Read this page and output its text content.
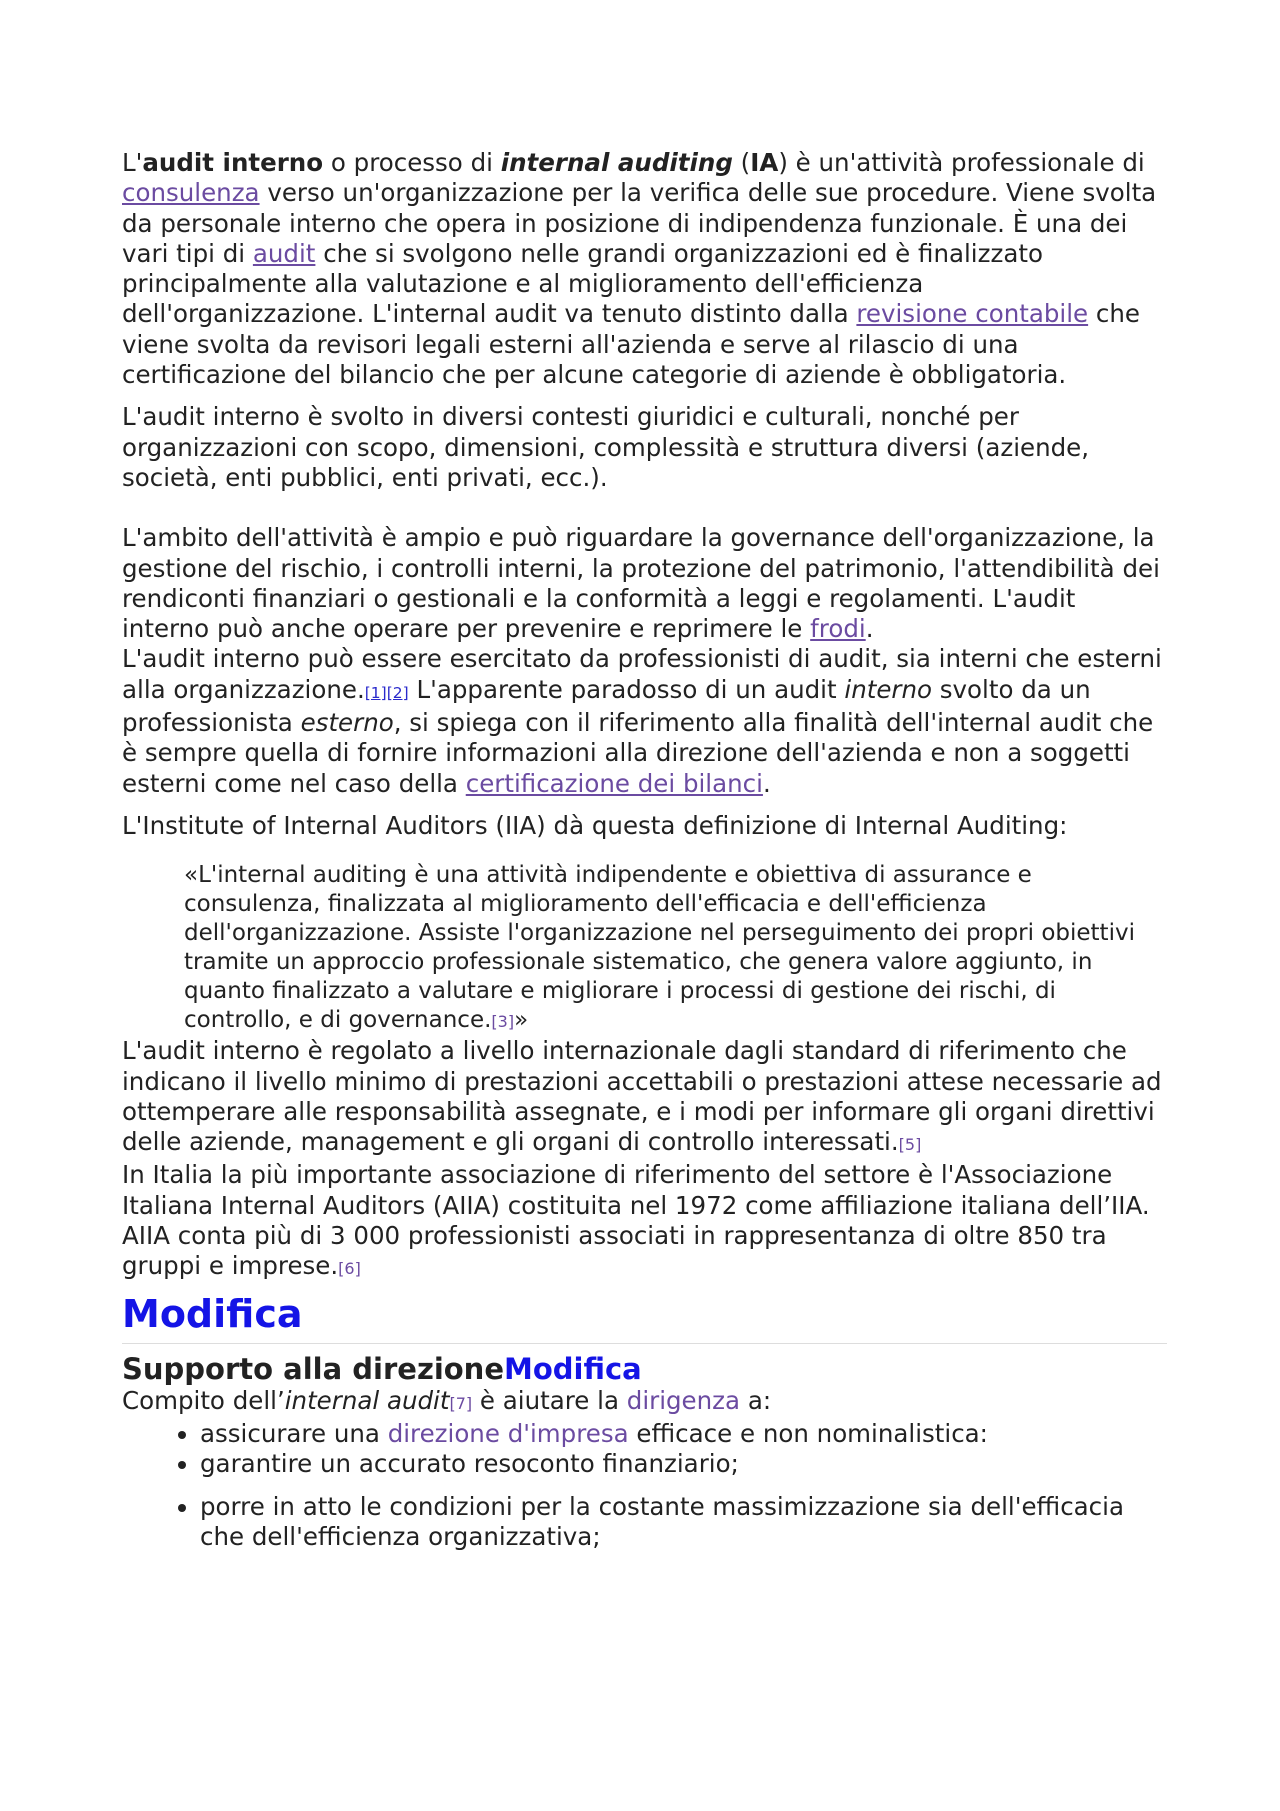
L'audit interno o processo di internal auditing (IA) è un'attività professionale di consulenza verso un'organizzazione per la verifica delle sue procedure. Viene svolta da personale interno che opera in posizione di indipendenza funzionale. È una dei vari tipi di audit che si svolgono nelle grandi organizzazioni ed è finalizzato principalmente alla valutazione e al miglioramento dell'efficienza dell'organizzazione. L'internal audit va tenuto distinto dalla revisione contabile che viene svolta da revisori legali esterni all'azienda e serve al rilascio di una certificazione del bilancio che per alcune categorie di aziende è obbligatoria.

L'audit interno è svolto in diversi contesti giuridici e culturali, nonché per organizzazioni con scopo, dimensioni, complessità e struttura diversi (aziende, società, enti pubblici, enti privati, ecc.).

L'ambito dell'attività è ampio e può riguardare la governance dell'organizzazione, la gestione del rischio, i controlli interni, la protezione del patrimonio, l'attendibilità dei rendiconti finanziari o gestionali e la conformità a leggi e regolamenti. L'audit interno può anche operare per prevenire e reprimere le frodi.

L'audit interno può essere esercitato da professionisti di audit, sia interni che esterni alla organizzazione.[1][2] L'apparente paradosso di un audit interno svolto da un professionista esterno, si spiega con il riferimento alla finalità dell'internal audit che è sempre quella di fornire informazioni alla direzione dell'azienda e non a soggetti esterni come nel caso della certificazione dei bilanci.

L'Institute of Internal Auditors (IIA) dà questa definizione di Internal Auditing:

«L'internal auditing è una attività indipendente e obiettiva di assurance e consulenza, finalizzata al miglioramento dell'efficacia e dell'efficienza dell'organizzazione. Assiste l'organizzazione nel perseguimento dei propri obiettivi tramite un approccio professionale sistematico, che genera valore aggiunto, in quanto finalizzato a valutare e migliorare i processi di gestione dei rischi, di controllo, e di governance.[3]»

L'audit interno è regolato a livello internazionale dagli standard di riferimento che indicano il livello minimo di prestazioni accettabili o prestazioni attese necessarie ad ottemperare alle responsabilità assegnate, e i modi per informare gli organi direttivi delle aziende, management e gli organi di controllo interessati.[5]

In Italia la più importante associazione di riferimento del settore è l'Associazione Italiana Internal Auditors (AIIA) costituita nel 1972 come affiliazione italiana dell’IIA. AIIA conta più di 3 000 professionisti associati in rappresentanza di oltre 850 tra gruppi e imprese.[6]

Modifica
Supporto alla direzioneModifica

Compito dell’internal audit[7] è aiutare la dirigenza a:

• assicurare una direzione d'impresa efficace e non nominalistica:
• garantire un accurato resoconto finanziario;
• porre in atto le condizioni per la costante massimizzazione sia dell'efficacia che dell'efficienza organizzativa;
